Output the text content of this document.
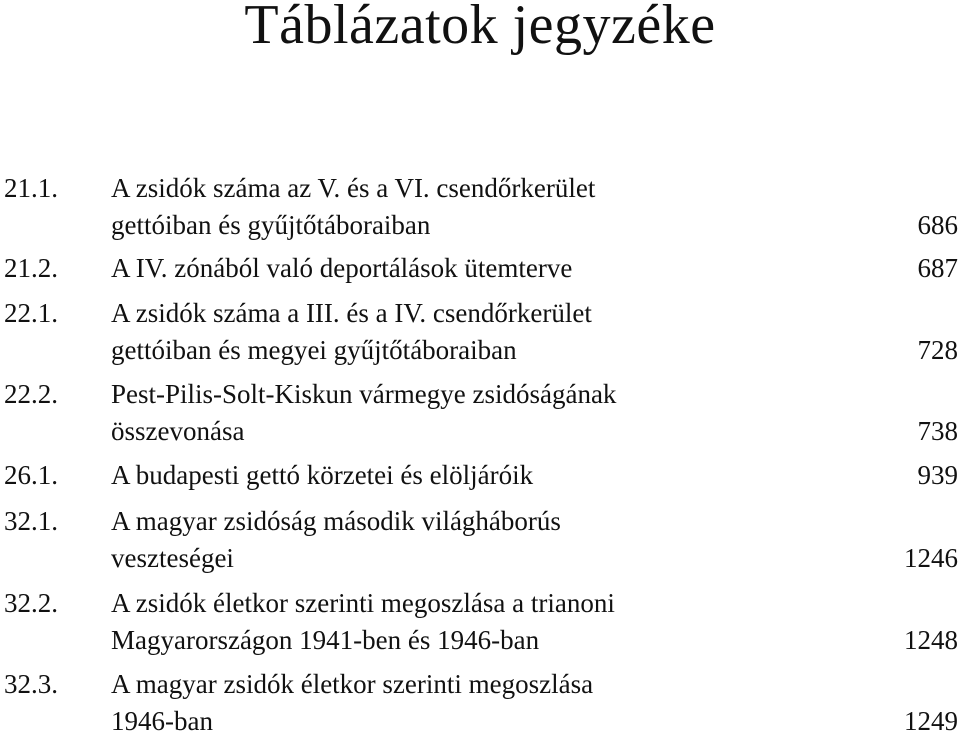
Táblázatok jegyzéke
21.1. A zsidók száma az V. és a VI. csendőrkerület
gettóiban és gyűjtőtáboraiban	686
21.2. A IV. zónából való deportálások ütemterve	687
22.1. A zsidók száma a III. és a IV. csendőrkerület
gettóiban és megyei gyűjtőtáboraiban	728
22.2. Pest-Pilis-Solt-Kiskun vármegye zsidóságának
összevonása	738
26.1. A budapesti gettó körzetei és elöljáróik	939
32.1. A magyar zsidóság második világháborús
veszteségei	1246
32.2. A zsidók életkor szerinti megoszlása a trianoni
Magyarországon 1941-ben és 1946-ban	1248
32.3. A magyar zsidók életkor szerinti megoszlása
1946-ban	1249
